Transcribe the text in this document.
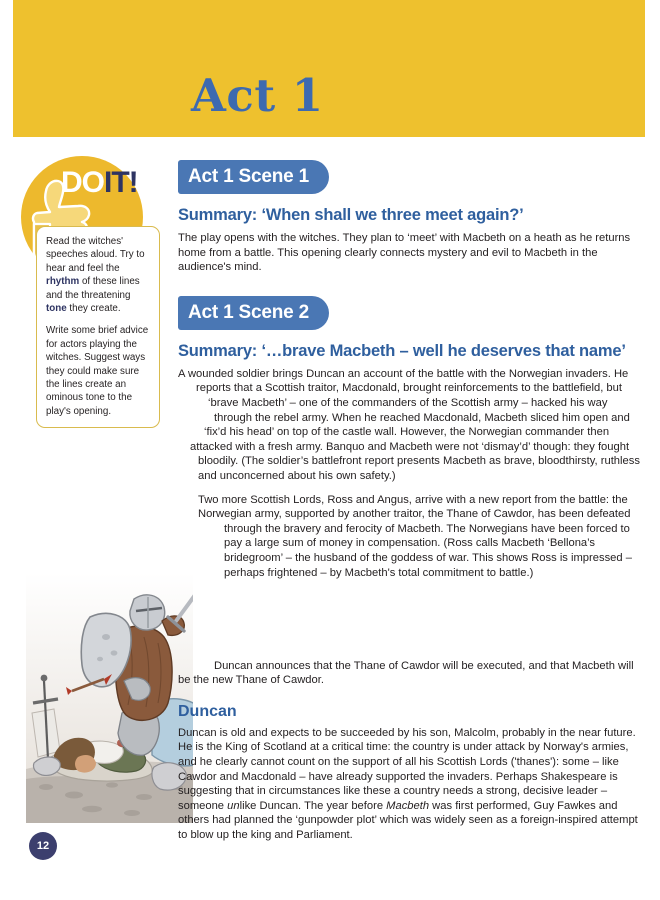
Act 1
DOIT!

Read the witches' speeches aloud. Try to hear and feel the rhythm of these lines and the threatening tone they create.

Write some brief advice for actors playing the witches. Suggest ways they could make sure the lines create an ominous tone to the play's opening.

12
Act 1 Scene 1
Summary: ‘When shall we three meet again?’

The play opens with the witches. They plan to ‘meet’ with Macbeth on a heath as he returns home from a battle. This opening clearly connects mystery and evil to Macbeth in the audience's mind.

Act 1 Scene 2
Summary: ‘…brave Macbeth – well he deserves that name’

A wounded soldier brings Duncan an account of the battle with the Norwegian invaders. He reports that a Scottish traitor, Macdonald, brought reinforcements to the battlefield, but ‘brave Macbeth’ – one of the commanders of the Scottish army – hacked his way through the rebel army. When he reached Macdonald, Macbeth sliced him open and ‘fix’d his head’ on top of the castle wall. However, the Norwegian commander then attacked with a fresh army. Banquo and Macbeth were not ‘dismay’d’ though: they fought bloodily. (The soldier’s battlefront report presents Macbeth as brave, bloodthirsty, ruthless and unconcerned about his own safety.)

Two more Scottish Lords, Ross and Angus, arrive with a new report from the battle: the Norwegian army, supported by another traitor, the Thane of Cawdor, has been defeated through the bravery and ferocity of Macbeth. The Norwegians have been forced to pay a large sum of money in compensation. (Ross calls Macbeth ‘Bellona’s bridegroom’ – the husband of the goddess of war. This shows Ross is impressed – perhaps frightened – by Macbeth's total commitment to battle.)

Duncan announces that the Thane of Cawdor will be executed, and that Macbeth will be the new Thane of Cawdor.

Duncan

Duncan is old and expects to be succeeded by his son, Malcolm, probably in the near future. He is the King of Scotland at a critical time: the country is under attack by Norway's armies, and he clearly cannot count on the support of all his Scottish Lords ('thanes'): some – like Cawdor and Macdonald – have already supported the invaders. Perhaps Shakespeare is suggesting that in circumstances like these a country needs a strong, decisive leader – someone unlike Duncan. The year before Macbeth was first performed, Guy Fawkes and others had planned the ‘gunpowder plot’ which was widely seen as a foreign-inspired attempt to blow up the king and Parliament.
